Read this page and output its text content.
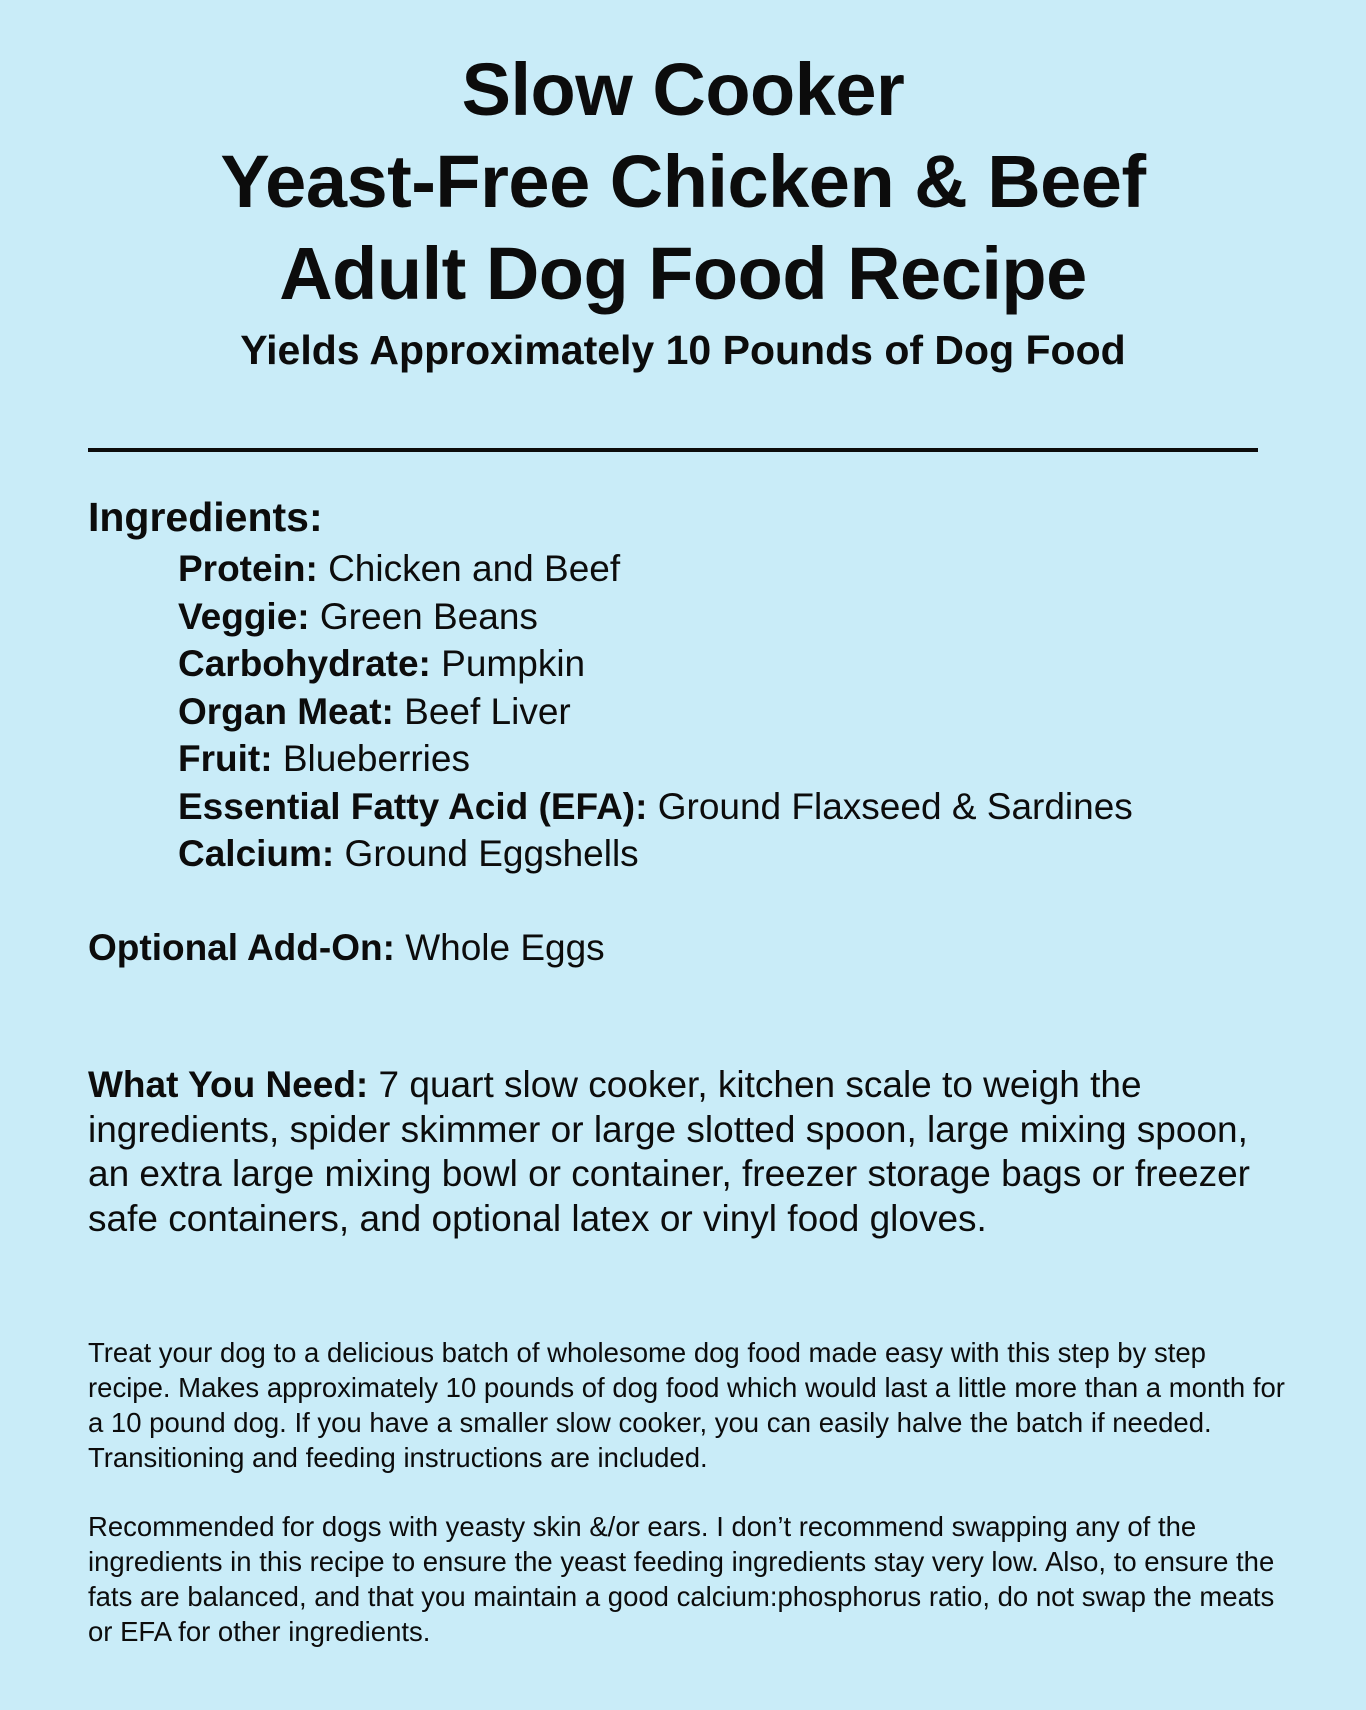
Slow Cooker
Yeast-Free Chicken & Beef
Adult Dog Food Recipe
Yields Approximately 10 Pounds of Dog Food
Ingredients:
Protein: Chicken and Beef
Veggie: Green Beans
Carbohydrate: Pumpkin
Organ Meat: Beef Liver
Fruit: Blueberries
Essential Fatty Acid (EFA): Ground Flaxseed & Sardines
Calcium: Ground Eggshells
Optional Add-On: Whole Eggs

What You Need: 7 quart slow cooker, kitchen scale to weigh the ingredients, spider skimmer or large slotted spoon, large mixing spoon, an extra large mixing bowl or container, freezer storage bags or freezer safe containers, and optional latex or vinyl food gloves.

Treat your dog to a delicious batch of wholesome dog food made easy with this step by step recipe. Makes approximately 10 pounds of dog food which would last a little more than a month for a 10 pound dog. If you have a smaller slow cooker, you can easily halve the batch if needed. Transitioning and feeding instructions are included.

Recommended for dogs with yeasty skin &/or ears. I don’t recommend swapping any of the ingredients in this recipe to ensure the yeast feeding ingredients stay very low. Also, to ensure the fats are balanced, and that you maintain a good calcium:phosphorus ratio, do not swap the meats or EFA for other ingredients.
